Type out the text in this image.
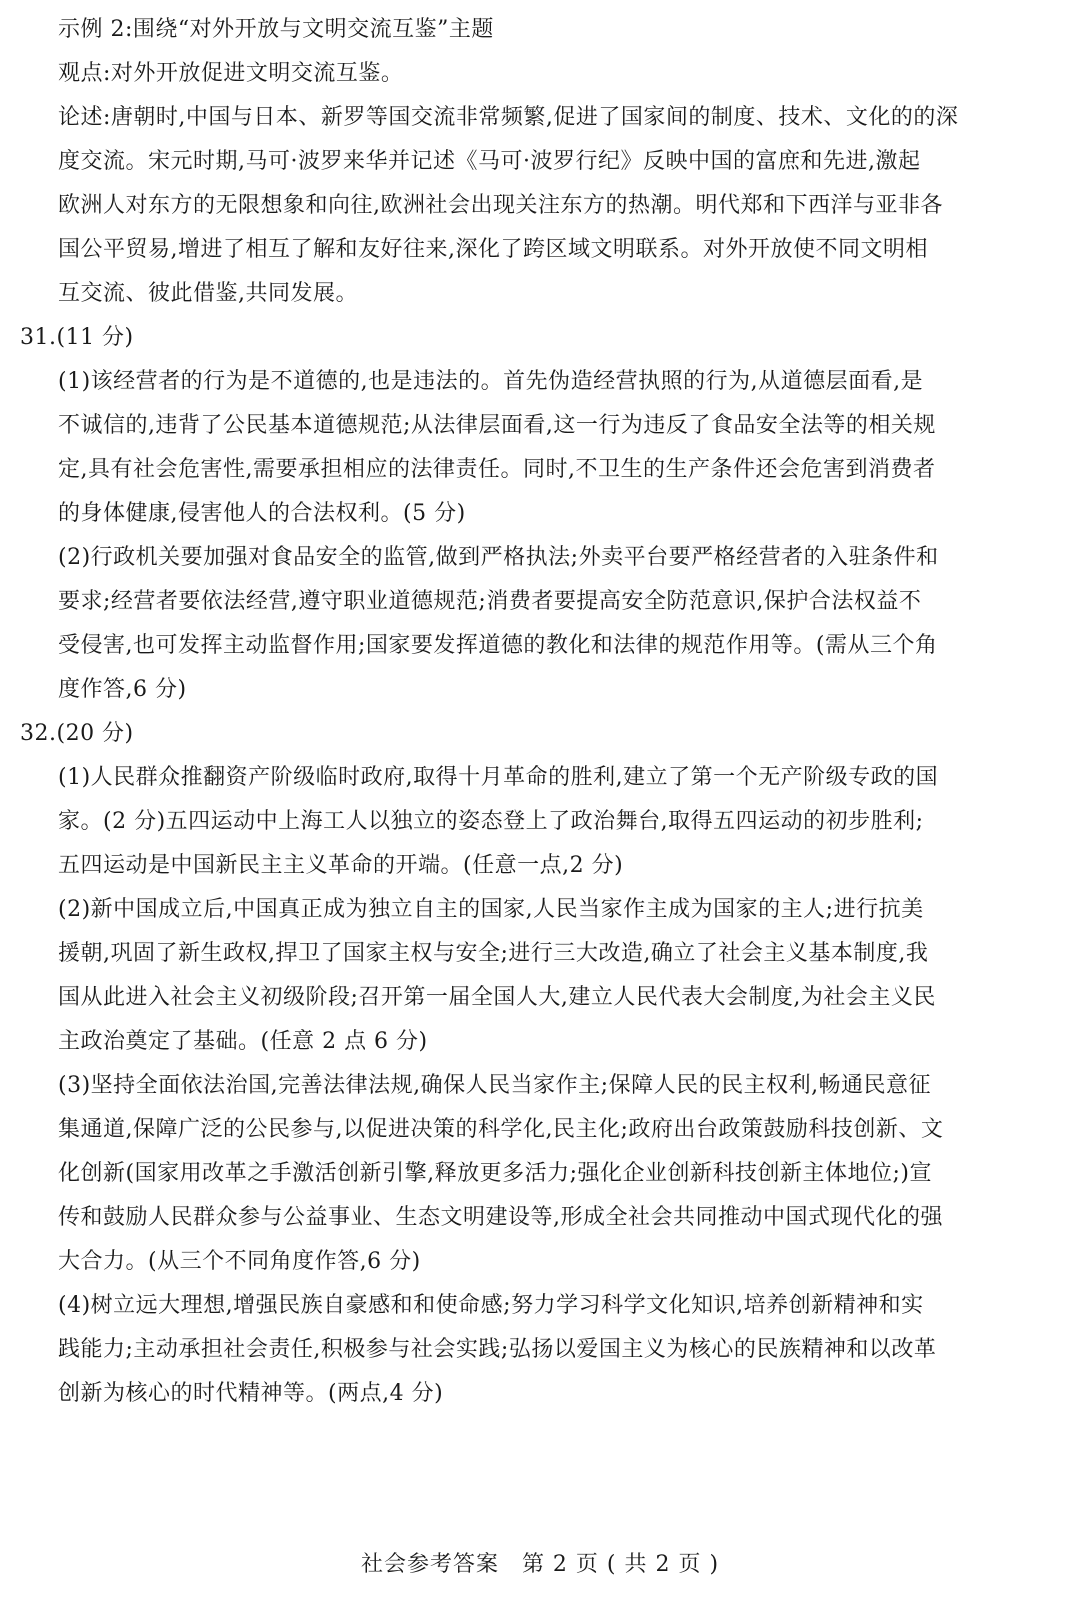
示例 2:围绕“对外开放与文明交流互鉴”主题
观点:对外开放促进文明交流互鉴。
论述:唐朝时,中国与日本、新罗等国交流非常频繁,促进了国家间的制度、技术、文化的的深
度交流。宋元时期,马可·波罗来华并记述《马可·波罗行纪》反映中国的富庶和先进,激起
欧洲人对东方的无限想象和向往,欧洲社会出现关注东方的热潮。明代郑和下西洋与亚非各
国公平贸易,增进了相互了解和友好往来,深化了跨区域文明联系。对外开放使不同文明相
互交流、彼此借鉴,共同发展。
31.(11 分)
(1)该经营者的行为是不道德的,也是违法的。首先伪造经营执照的行为,从道德层面看,是
不诚信的,违背了公民基本道德规范;从法律层面看,这一行为违反了食品安全法等的相关规
定,具有社会危害性,需要承担相应的法律责任。同时,不卫生的生产条件还会危害到消费者
的身体健康,侵害他人的合法权利。(5 分)
(2)行政机关要加强对食品安全的监管,做到严格执法;外卖平台要严格经营者的入驻条件和
要求;经营者要依法经营,遵守职业道德规范;消费者要提高安全防范意识,保护合法权益不
受侵害,也可发挥主动监督作用;国家要发挥道德的教化和法律的规范作用等。(需从三个角
度作答,6 分)
32.(20 分)
(1)人民群众推翻资产阶级临时政府,取得十月革命的胜利,建立了第一个无产阶级专政的国
家。(2 分)五四运动中上海工人以独立的姿态登上了政治舞台,取得五四运动的初步胜利;
五四运动是中国新民主主义革命的开端。(任意一点,2 分)
(2)新中国成立后,中国真正成为独立自主的国家,人民当家作主成为国家的主人;进行抗美
援朝,巩固了新生政权,捍卫了国家主权与安全;进行三大改造,确立了社会主义基本制度,我
国从此进入社会主义初级阶段;召开第一届全国人大,建立人民代表大会制度,为社会主义民
主政治奠定了基础。(任意 2 点 6 分)
(3)坚持全面依法治国,完善法律法规,确保人民当家作主;保障人民的民主权利,畅通民意征
集通道,保障广泛的公民参与,以促进决策的科学化,民主化;政府出台政策鼓励科技创新、文
化创新(国家用改革之手激活创新引擎,释放更多活力;强化企业创新科技创新主体地位;)宣
传和鼓励人民群众参与公益事业、生态文明建设等,形成全社会共同推动中国式现代化的强
大合力。(从三个不同角度作答,6 分)
(4)树立远大理想,增强民族自豪感和和使命感;努力学习科学文化知识,培养创新精神和实
践能力;主动承担社会责任,积极参与社会实践;弘扬以爱国主义为核心的民族精神和以改革
创新为核心的时代精神等。(两点,4 分)
社会参考答案　第 2 页 ( 共 2 页 )
